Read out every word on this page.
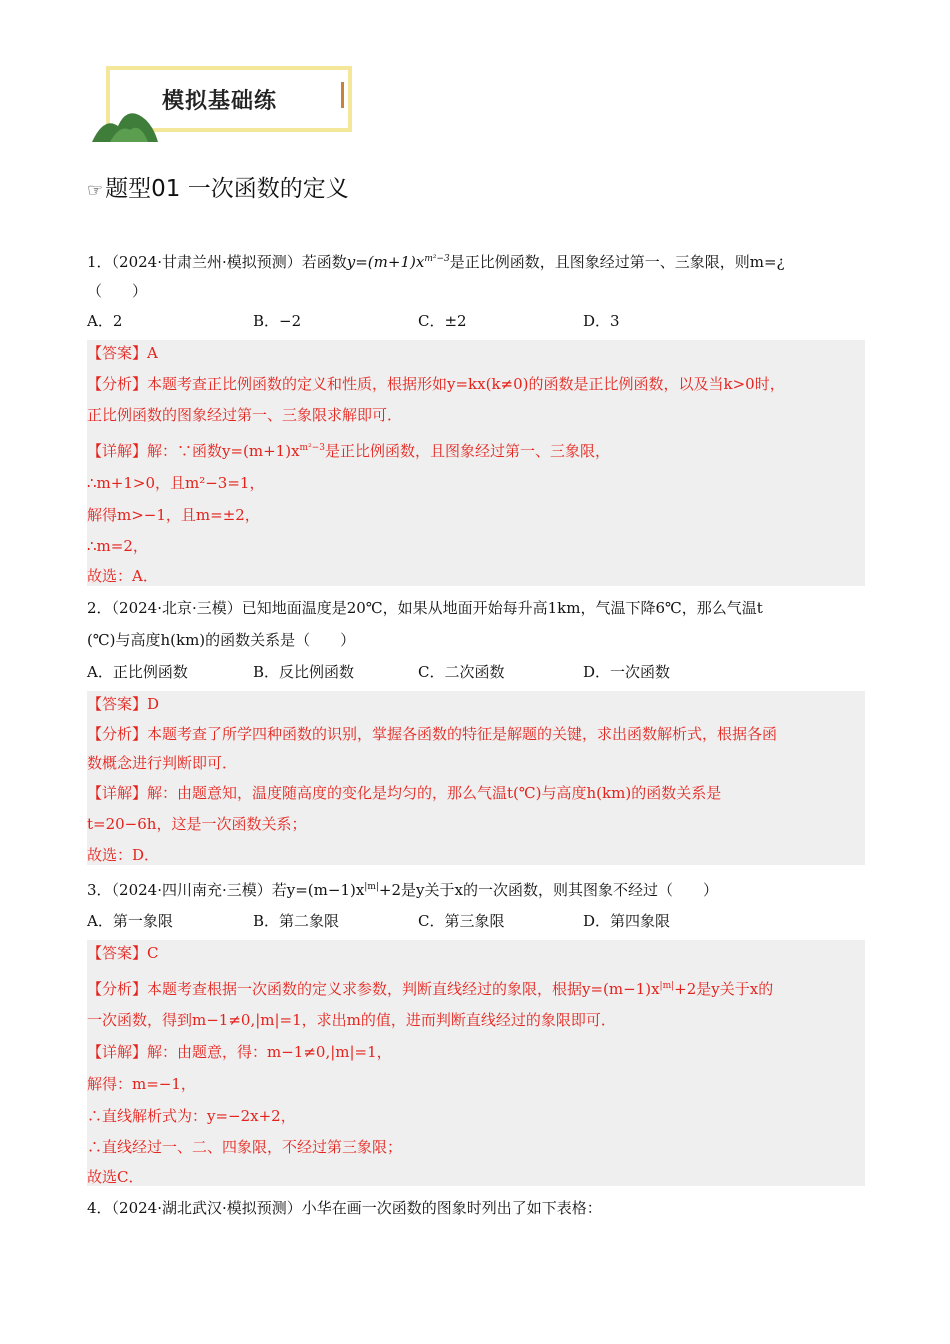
模拟基础练
☞题型01 一次函数的定义
1．（2024·甘肃兰州·模拟预测）若函数$y=(m+1)x^{m^2-3}$是正比例函数，且图象经过第一、三象限，则m=¿
（　　）
A．2	B．−2	C．±2	D．3
【答案】A
【分析】本题考查正比例函数的定义和性质，根据形如y=kx(k≠0)的函数是正比例函数，以及当k>0时，
正比例函数的图象经过第一、三象限求解即可．
【详解】解：∵函数$y=(m+1)x^{m^2-3}$是正比例函数，且图象经过第一、三象限，
∴m+1>0，且m²−3=1，
解得m>−1，且m=±2，
∴m=2，
故选：A．
2．（2024·北京·三模）已知地面温度是20℃，如果从地面开始每升高1km，气温下降6℃，那么气温t
(℃)与高度h(km)的函数关系是（　　）
A．正比例函数	B．反比例函数	C．二次函数	D．一次函数
【答案】D
【分析】本题考查了所学四种函数的识别，掌握各函数的特征是解题的关键，求出函数解析式，根据各函
数概念进行判断即可．
【详解】解：由题意知，温度随高度的变化是均匀的，那么气温t(℃)与高度h(km)的函数关系是
t=20−6h，这是一次函数关系；
故选：D．
3．（2024·四川南充·三模）若$y=(m-1)x^{|m|}+2$是y关于x的一次函数，则其图象不经过（　　）
A．第一象限	B．第二象限	C．第三象限	D．第四象限
【答案】C
【分析】本题考查根据一次函数的定义求参数，判断直线经过的象限，根据$y=(m-1)x^{|m|}+2$是y关于x的
一次函数，得到m−1≠0,|m|=1，求出m的值，进而判断直线经过的象限即可．
【详解】解：由题意，得：m−1≠0,|m|=1，
解得：m=−1，
∴直线解析式为：y=−2x+2，
∴直线经过一、二、四象限，不经过第三象限；
故选C．
4．（2024·湖北武汉·模拟预测）小华在画一次函数的图象时列出了如下表格：
